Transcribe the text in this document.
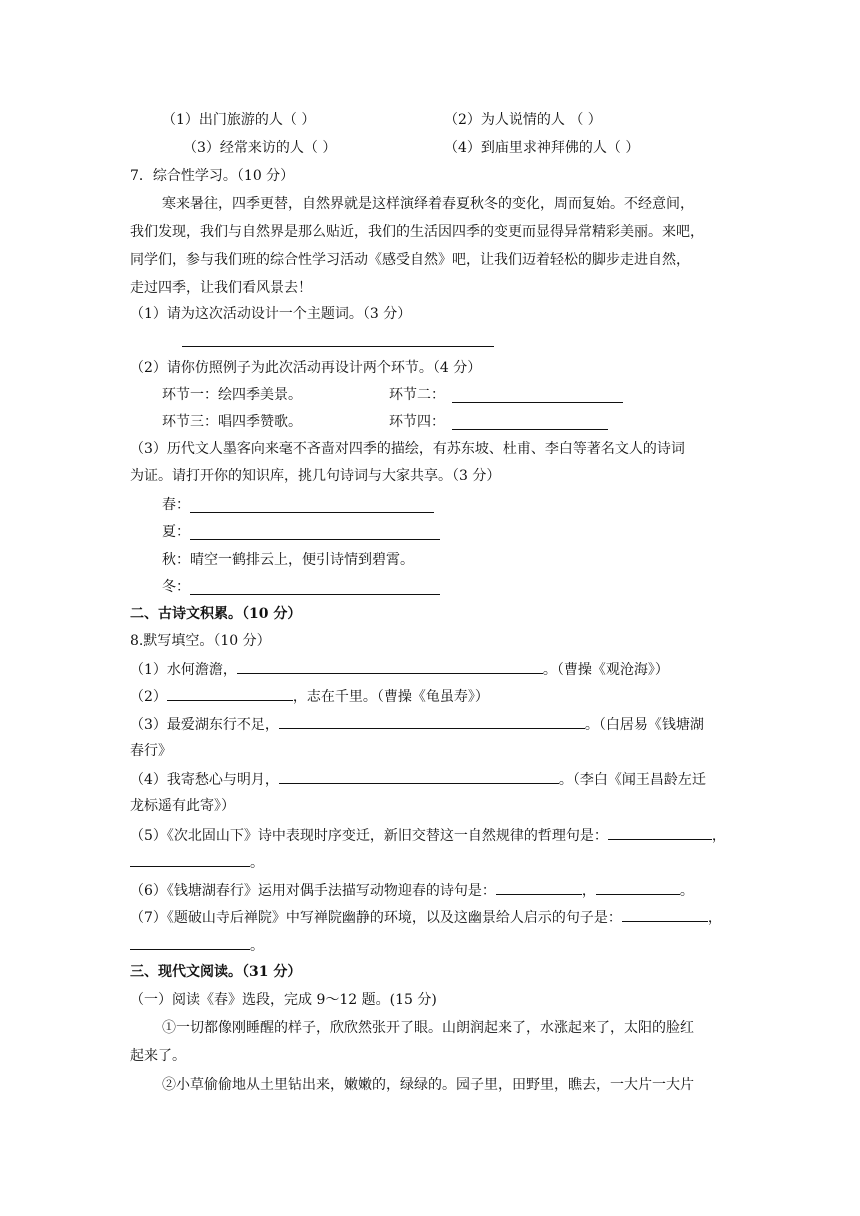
（1）出门旅游的人（ ）	（2）为人说情的人 （ ）
（3）经常来访的人（ ）	（4）到庙里求神拜佛的人（ ）
7．综合性学习。（10 分）
寒来暑往，四季更替，自然界就是这样演绎着春夏秋冬的变化，周而复始。不经意间，
我们发现，我们与自然界是那么贴近，我们的生活因四季的变更而显得异常精彩美丽。来吧，
同学们，参与我们班的综合性学习活动《感受自然》吧，让我们迈着轻松的脚步走进自然，
走过四季，让我们看风景去！
（1）请为这次活动设计一个主题词。（3 分）
（2）请你仿照例子为此次活动再设计两个环节。（4 分）
环节一：绘四季美景。	环节二：
环节三：唱四季赞歌。	环节四：
（3）历代文人墨客向来毫不吝啬对四季的描绘，有苏东坡、杜甫、李白等著名文人的诗词
为证。请打开你的知识库，挑几句诗词与大家共享。（3 分）
春：
夏：
秋：晴空一鹤排云上，便引诗情到碧霄。
冬：
二、古诗文积累。（10 分）
8.默写填空。（10 分）
（1）水何澹澹，	。（曹操《观沧海》）
（2）	，志在千里。（曹操《龟虽寿》）
（3）最爱湖东行不足，	。（白居易《钱塘湖
春行》
（4）我寄愁心与明月，	。（李白《闻王昌龄左迁
龙标遥有此寄》）
（5）《次北固山下》诗中表现时序变迁，新旧交替这一自然规律的哲理句是：	，
。
（6）《钱塘湖春行》运用对偶手法描写动物迎春的诗句是：	，	。
（7）《题破山寺后禅院》中写禅院幽静的环境，以及这幽景给人启示的句子是：	，
。
三、现代文阅读。（31 分）
（一）阅读《春》选段，完成 9～12 题。(15 分)
①一切都像刚睡醒的样子，欣欣然张开了眼。山朗润起来了，水涨起来了，太阳的脸红
起来了。
②小草偷偷地从土里钻出来，嫩嫩的，绿绿的。园子里，田野里，瞧去，一大片一大片
